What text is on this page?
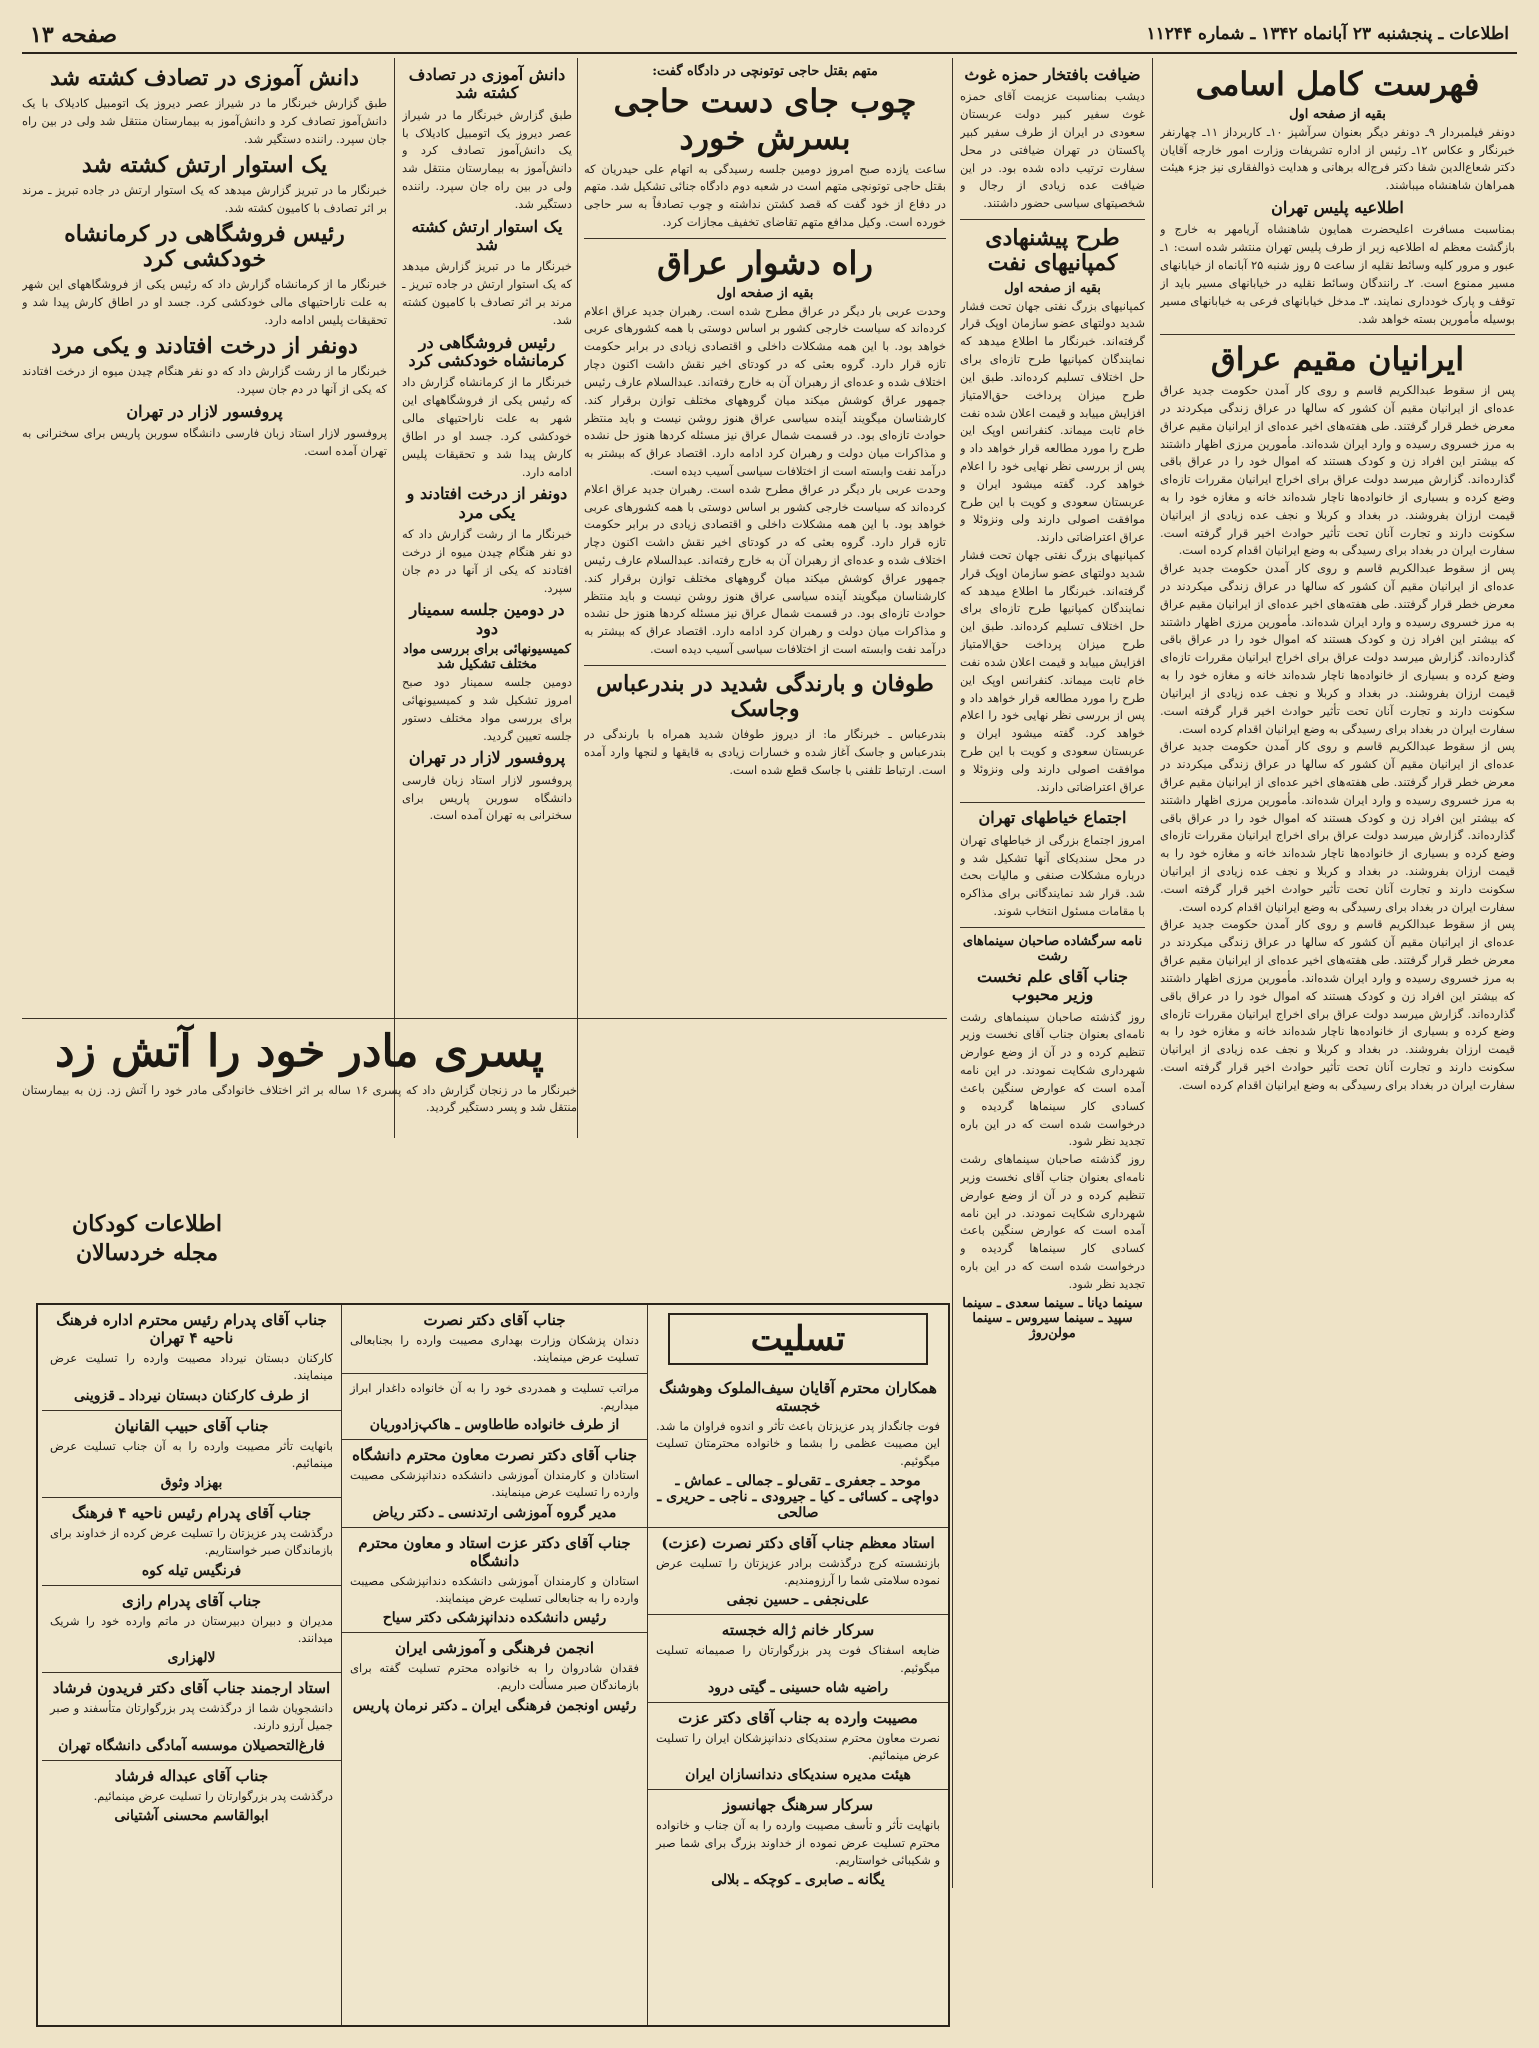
اطلاعات ـ پنجشنبه ۲۳ آبانماه ۱۳۴۲ ـ شماره ۱۱۲۴۴
صفحه ۱۳
فهرست کامل اسامی
بقیه از صفحه اول
دونفر فیلمبردار ۹ـ دونفر دیگر بعنوان سرآشپز ۱۰ـ کاربرداز ۱۱ـ چهارنفر خبرنگار و عکاس ۱۲ـ رئیس از اداره تشریفات وزارت امور خارجه آقایان دکتر شعاع‌الدین شفا دکتر فرج‌اله برهانی و هدایت ذوالفقاری نیز جزء هیئت همراهان شاهنشاه میباشند.
اطلاعیه پلیس تهران
بمناسبت مسافرت اعلیحضرت همایون شاهنشاه آریامهر به خارج و بازگشت معظم له اطلاعیه زیر از طرف پلیس تهران منتشر شده است: ۱ـ عبور و مرور کلیه وسائط نقلیه از ساعت ۵ روز شنبه ۲۵ آبانماه از خیابانهای مسیر ممنوع است. ۲ـ رانندگان وسائط نقلیه در خیابانهای مسیر باید از توقف و پارک خودداری نمایند. ۳ـ مدخل خیابانهای فرعی به خیابانهای مسیر بوسیله مأمورین بسته خواهد شد.
ایرانیان مقیم عراق
پس از سقوط عبدالکریم قاسم و روی کار آمدن حکومت جدید عراق عده‌ای از ایرانیان مقیم آن کشور که سالها در عراق زندگی میکردند در معرض خطر قرار گرفتند. طی هفته‌های اخیر عده‌ای از ایرانیان مقیم عراق به مرز خسروی رسیده و وارد ایران شده‌اند. مأمورین مرزی اظهار داشتند که بیشتر این افراد زن و کودک هستند که اموال خود را در عراق باقی گذارده‌اند. گزارش میرسد دولت عراق برای اخراج ایرانیان مقررات تازه‌ای وضع کرده و بسیاری از خانواده‌ها ناچار شده‌اند خانه و مغازه خود را به قیمت ارزان بفروشند. در بغداد و کربلا و نجف عده زیادی از ایرانیان سکونت دارند و تجارت آنان تحت تأثیر حوادث اخیر قرار گرفته است. سفارت ایران در بغداد برای رسیدگی به وضع ایرانیان اقدام کرده است.
پس از سقوط عبدالکریم قاسم و روی کار آمدن حکومت جدید عراق عده‌ای از ایرانیان مقیم آن کشور که سالها در عراق زندگی میکردند در معرض خطر قرار گرفتند. طی هفته‌های اخیر عده‌ای از ایرانیان مقیم عراق به مرز خسروی رسیده و وارد ایران شده‌اند. مأمورین مرزی اظهار داشتند که بیشتر این افراد زن و کودک هستند که اموال خود را در عراق باقی گذارده‌اند. گزارش میرسد دولت عراق برای اخراج ایرانیان مقررات تازه‌ای وضع کرده و بسیاری از خانواده‌ها ناچار شده‌اند خانه و مغازه خود را به قیمت ارزان بفروشند. در بغداد و کربلا و نجف عده زیادی از ایرانیان سکونت دارند و تجارت آنان تحت تأثیر حوادث اخیر قرار گرفته است. سفارت ایران در بغداد برای رسیدگی به وضع ایرانیان اقدام کرده است.
پس از سقوط عبدالکریم قاسم و روی کار آمدن حکومت جدید عراق عده‌ای از ایرانیان مقیم آن کشور که سالها در عراق زندگی میکردند در معرض خطر قرار گرفتند. طی هفته‌های اخیر عده‌ای از ایرانیان مقیم عراق به مرز خسروی رسیده و وارد ایران شده‌اند. مأمورین مرزی اظهار داشتند که بیشتر این افراد زن و کودک هستند که اموال خود را در عراق باقی گذارده‌اند. گزارش میرسد دولت عراق برای اخراج ایرانیان مقررات تازه‌ای وضع کرده و بسیاری از خانواده‌ها ناچار شده‌اند خانه و مغازه خود را به قیمت ارزان بفروشند. در بغداد و کربلا و نجف عده زیادی از ایرانیان سکونت دارند و تجارت آنان تحت تأثیر حوادث اخیر قرار گرفته است. سفارت ایران در بغداد برای رسیدگی به وضع ایرانیان اقدام کرده است.
پس از سقوط عبدالکریم قاسم و روی کار آمدن حکومت جدید عراق عده‌ای از ایرانیان مقیم آن کشور که سالها در عراق زندگی میکردند در معرض خطر قرار گرفتند. طی هفته‌های اخیر عده‌ای از ایرانیان مقیم عراق به مرز خسروی رسیده و وارد ایران شده‌اند. مأمورین مرزی اظهار داشتند که بیشتر این افراد زن و کودک هستند که اموال خود را در عراق باقی گذارده‌اند. گزارش میرسد دولت عراق برای اخراج ایرانیان مقررات تازه‌ای وضع کرده و بسیاری از خانواده‌ها ناچار شده‌اند خانه و مغازه خود را به قیمت ارزان بفروشند. در بغداد و کربلا و نجف عده زیادی از ایرانیان سکونت دارند و تجارت آنان تحت تأثیر حوادث اخیر قرار گرفته است. سفارت ایران در بغداد برای رسیدگی به وضع ایرانیان اقدام کرده است.
ضیافت بافتخار حمزه غوث
دیشب بمناسبت عزیمت آقای حمزه غوث سفیر کبیر دولت عربستان سعودی در ایران از طرف سفیر کبیر پاکستان در تهران ضیافتی در محل سفارت ترتیب داده شده بود. در این ضیافت عده زیادی از رجال و شخصیتهای سیاسی حضور داشتند.
طرح پیشنهادی کمپانیهای نفت
بقیه از صفحه اول
کمپانیهای بزرگ نفتی جهان تحت فشار شدید دولتهای عضو سازمان اوپک قرار گرفته‌اند. خبرنگار ما اطلاع میدهد که نمایندگان کمپانیها طرح تازه‌ای برای حل اختلاف تسلیم کرده‌اند. طبق این طرح میزان پرداخت حق‌الامتیاز افزایش مییابد و قیمت اعلان شده نفت خام ثابت میماند. کنفرانس اوپک این طرح را مورد مطالعه قرار خواهد داد و پس از بررسی نظر نهایی خود را اعلام خواهد کرد. گفته میشود ایران و عربستان سعودی و کویت با این طرح موافقت اصولی دارند ولی ونزوئلا و عراق اعتراضاتی دارند.
کمپانیهای بزرگ نفتی جهان تحت فشار شدید دولتهای عضو سازمان اوپک قرار گرفته‌اند. خبرنگار ما اطلاع میدهد که نمایندگان کمپانیها طرح تازه‌ای برای حل اختلاف تسلیم کرده‌اند. طبق این طرح میزان پرداخت حق‌الامتیاز افزایش مییابد و قیمت اعلان شده نفت خام ثابت میماند. کنفرانس اوپک این طرح را مورد مطالعه قرار خواهد داد و پس از بررسی نظر نهایی خود را اعلام خواهد کرد. گفته میشود ایران و عربستان سعودی و کویت با این طرح موافقت اصولی دارند ولی ونزوئلا و عراق اعتراضاتی دارند.
اجتماع خیاطهای تهران
امروز اجتماع بزرگی از خیاطهای تهران در محل سندیکای آنها تشکیل شد و درباره مشکلات صنفی و مالیات بحث شد. قرار شد نمایندگانی برای مذاکره با مقامات مسئول انتخاب شوند.
نامه سرگشاده صاحبان سینماهای رشت
جناب آقای علم نخست وزیر محبوب
روز گذشته صاحبان سینماهای رشت نامه‌ای بعنوان جناب آقای نخست وزیر تنظیم کرده و در آن از وضع عوارض شهرداری شکایت نمودند. در این نامه آمده است که عوارض سنگین باعث کسادی کار سینماها گردیده و درخواست شده است که در این باره تجدید نظر شود.
روز گذشته صاحبان سینماهای رشت نامه‌ای بعنوان جناب آقای نخست وزیر تنظیم کرده و در آن از وضع عوارض شهرداری شکایت نمودند. در این نامه آمده است که عوارض سنگین باعث کسادی کار سینماها گردیده و درخواست شده است که در این باره تجدید نظر شود.
سینما دیانا ـ سینما سعدی ـ سینما سپید ـ سینما سیروس ـ سینما مولن‌روژ
متهم بقتل حاجی توتونچی در دادگاه گفت:
چوب جای دست حاجی بسرش خورد
ساعت یازده صبح امروز دومین جلسه رسیدگی به اتهام علی حیدریان که بقتل حاجی توتونچی متهم است در شعبه دوم دادگاه جنائی تشکیل شد. متهم در دفاع از خود گفت که قصد کشتن نداشته و چوب تصادفاً به سر حاجی خورده است. وکیل مدافع متهم تقاضای تخفیف مجازات کرد.
راه دشوار عراق
بقیه از صفحه اول
وحدت عربی بار دیگر در عراق مطرح شده است. رهبران جدید عراق اعلام کرده‌اند که سیاست خارجی کشور بر اساس دوستی با همه کشورهای عربی خواهد بود. با این همه مشکلات داخلی و اقتصادی زیادی در برابر حکومت تازه قرار دارد. گروه بعثی که در کودتای اخیر نقش داشت اکنون دچار اختلاف شده و عده‌ای از رهبران آن به خارج رفته‌اند. عبدالسلام عارف رئیس جمهور عراق کوشش میکند میان گروههای مختلف توازن برقرار کند. کارشناسان میگویند آینده سیاسی عراق هنوز روشن نیست و باید منتظر حوادث تازه‌ای بود. در قسمت شمال عراق نیز مسئله کردها هنوز حل نشده و مذاکرات میان دولت و رهبران کرد ادامه دارد. اقتصاد عراق که بیشتر به درآمد نفت وابسته است از اختلافات سیاسی آسیب دیده است.
وحدت عربی بار دیگر در عراق مطرح شده است. رهبران جدید عراق اعلام کرده‌اند که سیاست خارجی کشور بر اساس دوستی با همه کشورهای عربی خواهد بود. با این همه مشکلات داخلی و اقتصادی زیادی در برابر حکومت تازه قرار دارد. گروه بعثی که در کودتای اخیر نقش داشت اکنون دچار اختلاف شده و عده‌ای از رهبران آن به خارج رفته‌اند. عبدالسلام عارف رئیس جمهور عراق کوشش میکند میان گروههای مختلف توازن برقرار کند. کارشناسان میگویند آینده سیاسی عراق هنوز روشن نیست و باید منتظر حوادث تازه‌ای بود. در قسمت شمال عراق نیز مسئله کردها هنوز حل نشده و مذاکرات میان دولت و رهبران کرد ادامه دارد. اقتصاد عراق که بیشتر به درآمد نفت وابسته است از اختلافات سیاسی آسیب دیده است.
طوفان و بارندگی شدید در بندرعباس وجاسک
بندرعباس ـ خبرنگار ما: از دیروز طوفان شدید همراه با بارندگی در بندرعباس و جاسک آغاز شده و خسارات زیادی به قایقها و لنجها وارد آمده است. ارتباط تلفنی با جاسک قطع شده است.
دانش آموزی در تصادف کشته شد
طبق گزارش خبرنگار ما در شیراز عصر دیروز یک اتومبیل کادیلاک با یک دانش‌آموز تصادف کرد و دانش‌آموز به بیمارستان منتقل شد ولی در بین راه جان سپرد. راننده دستگیر شد.
یک استوار ارتش کشته شد
خبرنگار ما در تبریز گزارش میدهد که یک استوار ارتش در جاده تبریز ـ مرند بر اثر تصادف با کامیون کشته شد.
رئیس فروشگاهی در کرمانشاه خودکشی کرد
خبرنگار ما از کرمانشاه گزارش داد که رئیس یکی از فروشگاههای این شهر به علت ناراحتیهای مالی خودکشی کرد. جسد او در اطاق کارش پیدا شد و تحقیقات پلیس ادامه دارد.
دونفر از درخت افتادند و یکی مرد
خبرنگار ما از رشت گزارش داد که دو نفر هنگام چیدن میوه از درخت افتادند که یکی از آنها در دم جان سپرد.
در دومین جلسه سمینار دود
کمیسیونهائی برای بررسی مواد مختلف تشکیل شد
دومین جلسه سمینار دود صبح امروز تشکیل شد و کمیسیونهائی برای بررسی مواد مختلف دستور جلسه تعیین گردید.
پروفسور لازار در تهران
پروفسور لازار استاد زبان فارسی دانشگاه سوربن پاریس برای سخنرانی به تهران آمده است.
دانش آموزی در تصادف کشته شد
طبق گزارش خبرنگار ما در شیراز عصر دیروز یک اتومبیل کادیلاک با یک دانش‌آموز تصادف کرد و دانش‌آموز به بیمارستان منتقل شد ولی در بین راه جان سپرد. راننده دستگیر شد.
یک استوار ارتش کشته شد
خبرنگار ما در تبریز گزارش میدهد که یک استوار ارتش در جاده تبریز ـ مرند بر اثر تصادف با کامیون کشته شد.
رئیس فروشگاهی در کرمانشاه خودکشی کرد
خبرنگار ما از کرمانشاه گزارش داد که رئیس یکی از فروشگاههای این شهر به علت ناراحتیهای مالی خودکشی کرد. جسد او در اطاق کارش پیدا شد و تحقیقات پلیس ادامه دارد.
دونفر از درخت افتادند و یکی مرد
خبرنگار ما از رشت گزارش داد که دو نفر هنگام چیدن میوه از درخت افتادند که یکی از آنها در دم جان سپرد.
پروفسور لازار در تهران
پروفسور لازار استاد زبان فارسی دانشگاه سوربن پاریس برای سخنرانی به تهران آمده است.
پسری مادر خود را آتش زد
خبرنگار ما در زنجان گزارش داد که پسری ۱۶ ساله بر اثر اختلاف خانوادگی مادر خود را آتش زد. زن به بیمارستان منتقل شد و پسر دستگیر گردید.
اطلاعات کودکان
مجله خردسالان
تسلیت
همکاران محترم آقایان سیف‌الملوک وهوشنگ خجسته
فوت جانگداز پدر عزیزتان باعث تأثر و اندوه فراوان ما شد. این مصیبت عظمی را بشما و خانواده محترمتان تسلیت میگوئیم.
موحد ـ جعفری ـ تقی‌لو ـ جمالی ـ عماش ـ دواچی ـ کسائی ـ کیا ـ جیرودی ـ ناجی ـ حریری ـ صالحی
استاد معظم جناب آقای دکتر نصرت (عزت)
بازنشسته کرج درگذشت برادر عزیزتان را تسلیت عرض نموده سلامتی شما را آرزومندیم.
علی‌نجفی ـ حسین نجفی
سرکار خانم ژاله خجسته
ضایعه اسفناک فوت پدر بزرگوارتان را صمیمانه تسلیت میگوئیم.
راضیه شاه حسینی ـ گیتی درود
مصیبت وارده به جناب آقای دکتر عزت
نصرت معاون محترم سندیکای دندانپزشکان ایران را تسلیت عرض مینمائیم.
هیئت مدیره سندیکای دندانسازان ایران
سرکار سرهنگ جهانسوز
بانهایت تأثر و تأسف مصیبت وارده را به آن جناب و خانواده محترم تسلیت عرض نموده از خداوند بزرگ برای شما صبر و شکیبائی خواستاریم.
یگانه ـ صابری ـ کوچکه ـ بلالی
جناب آقای دکتر نصرت
دندان پزشکان وزارت بهداری مصیبت وارده را بجنابعالی تسلیت عرض مینمایند.
مراتب تسلیت و همدردی خود را به آن خانواده داغدار ابراز میداریم.
از طرف خانواده طاطاوس ـ هاکپ‌زادوریان
جناب آقای دکتر نصرت معاون محترم دانشگاه
استادان و کارمندان آموزشی دانشکده دندانپزشکی مصیبت وارده را تسلیت عرض مینمایند.
مدیر گروه آموزشی ارتدنسی ـ دکتر ریاض
جناب آقای دکتر عزت استاد و معاون محترم دانشگاه
استادان و کارمندان آموزشی دانشکده دندانپزشکی مصیبت وارده را به جنابعالی تسلیت عرض مینمایند.
رئیس دانشکده دندانپزشکی دکتر سیاح
انجمن فرهنگی و آموزشی ایران
فقدان شادروان را به خانواده محترم تسلیت گفته برای بازماندگان صبر مسألت داریم.
رئیس اونجمن فرهنگی ایران ـ دکتر نرمان پاریس
جناب آقای پدرام رئیس محترم اداره فرهنگ ناحیه ۴ تهران
کارکنان دبستان نیرداد مصیبت وارده را تسلیت عرض مینمایند.
از طرف کارکنان دبستان نیرداد ـ قزوینی
جناب آقای حبیب القانیان
بانهایت تأثر مصیبت وارده را به آن جناب تسلیت عرض مینمائیم.
بهزاد وثوق
جناب آقای پدرام رئیس ناحیه ۴ فرهنگ
درگذشت پدر عزیزتان را تسلیت عرض کرده از خداوند برای بازماندگان صبر خواستاریم.
فرنگیس تیله کوه
جناب آقای پدرام رازی
مدیران و دبیران دبیرستان در ماتم وارده خود را شریک میدانند.
لالهزاری
استاد ارجمند جناب آقای دکتر فریدون فرشاد
دانشجویان شما از درگذشت پدر بزرگوارتان متأسفند و صبر جمیل آرزو دارند.
فارغ‌التحصیلان موسسه آمادگی دانشگاه تهران
جناب آقای عبداله فرشاد
درگذشت پدر بزرگوارتان را تسلیت عرض مینمائیم.
ابوالقاسم محسنی آشتیانی
